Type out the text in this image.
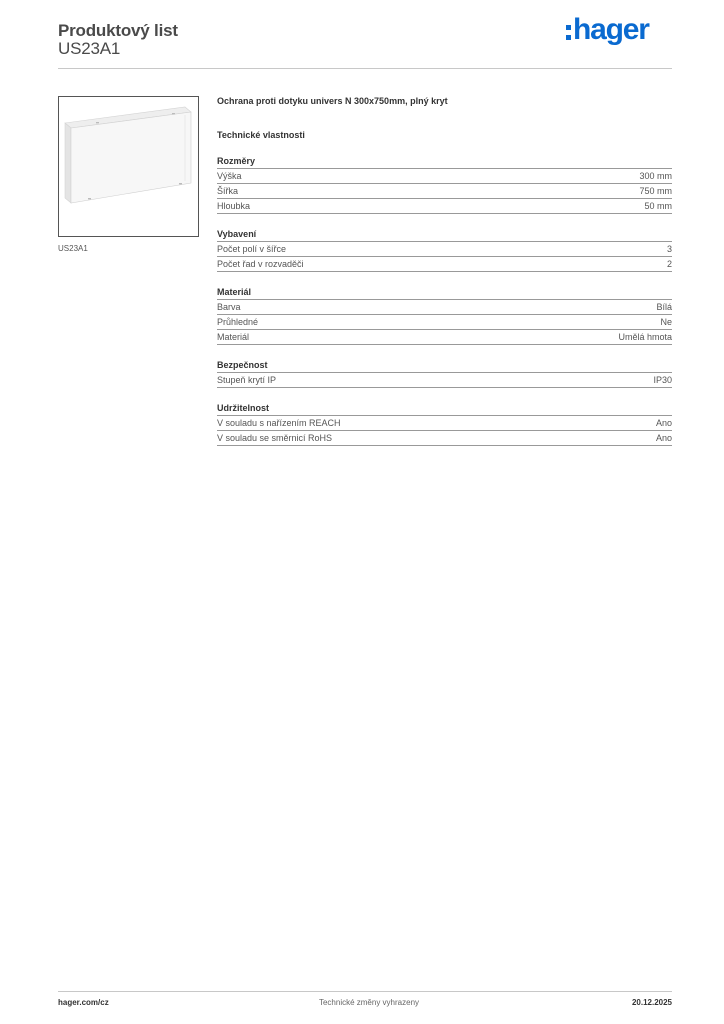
Produktový list
US23A1
hager
US23A1
Ochrana proti dotyku univers N 300x750mm, plný kryt
Technické vlastnosti
Rozměry
Výška	300 mm
Šířka	750 mm
Hloubka	50 mm
Vybavení
Počet polí v šířce	3
Počet řad v rozvaděči	2
Materiál
Barva	Bílá
Průhledné	Ne
Materiál	Umělá hmota
Bezpečnost
Stupeň krytí IP	IP30
Udržitelnost
V souladu s nařízením REACH	Ano
V souladu se směrnicí RoHS	Ano
hager.com/cz	Technické změny vyhrazeny	20.12.2025
